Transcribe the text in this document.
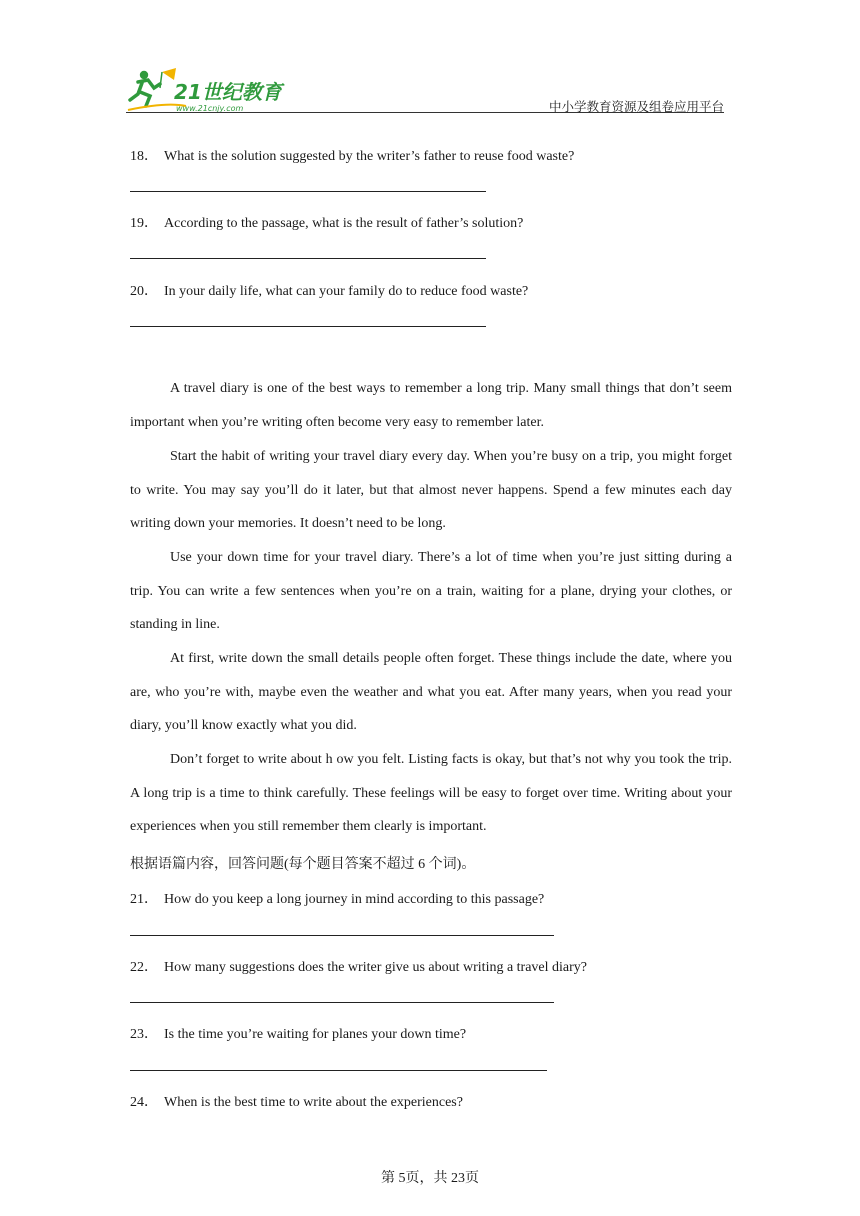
21世纪教育
www.21cnjy.com	中小学教育资源及组卷应用平台
18． What is the solution suggested by the writer’s father to reuse food waste?
19． According to the passage, what is the result of father’s solution?
20． In your daily life, what can your family do to reduce food waste?

A travel diary is one of the best ways to remember a long trip. Many small things that don’t seem important when you’re writing often become very easy to remember later.

Start the habit of writing your travel diary every day. When you’re busy on a trip, you might forget to write. You may say you’ll do it later, but that almost never happens. Spend a few minutes each day writing down your memories. It doesn’t need to be long.

Use your down time for your travel diary. There’s a lot of time when you’re just sitting during a trip. You can write a few sentences when you’re on a train, waiting for a plane, drying your clothes, or standing in line.

At first, write down the small details people often forget. These things include the date, where you are, who you’re with, maybe even the weather and what you eat. After many years, when you read your diary, you’ll know exactly what you did.

Don’t forget to write about h ow you felt. Listing facts is okay, but that’s not why you took the trip. A long trip is a time to think carefully. These feelings will be easy to forget over time. Writing about your experiences when you still remember them clearly is important.

根据语篇内容，回答问题(每个题目答案不超过 6 个词)。
21． How do you keep a long journey in mind according to this passage?
22． How many suggestions does the writer give us about writing a travel diary?
23． Is the time you’re waiting for planes your down time?
24． When is the best time to write about the experiences?
第 5页，共 23页
